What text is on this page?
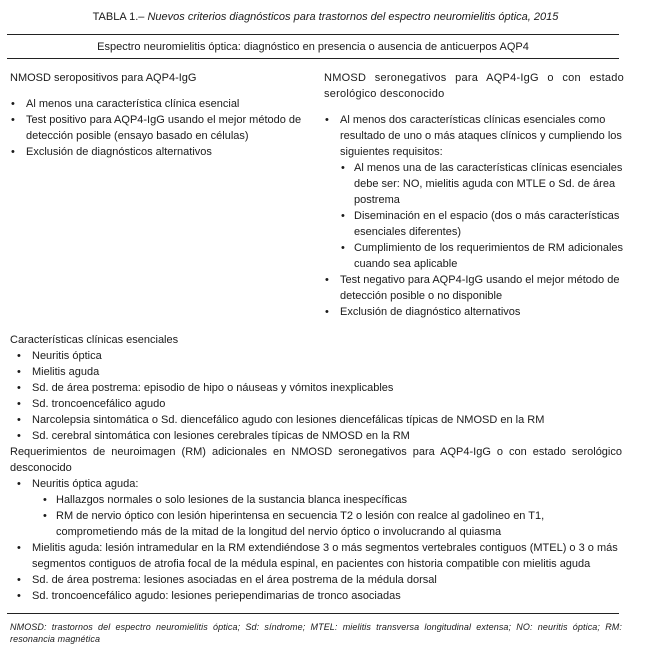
TABLA 1.– Nuevos criterios diagnósticos para trastornos del espectro neuromielitis óptica, 2015
Espectro neuromielitis óptica: diagnóstico en presencia o ausencia de anticuerpos AQP4
NMOSD seropositivos para AQP4-IgG
• Al menos una característica clínica esencial
• Test positivo para AQP4-IgG usando el mejor método de detección posible (ensayo basado en células)
• Exclusión de diagnósticos alternativos
NMOSD seronegativos para AQP4-IgG o con estado serológico desconocido
• Al menos dos características clínicas esenciales como resultado de uno o más ataques clínicos y cumpliendo los siguientes requisitos:
• Al menos una de las características clínicas esenciales debe ser: NO, mielitis aguda con MTLE o Sd. de área postrema
• Diseminación en el espacio (dos o más características esenciales diferentes)
• Cumplimiento de los requerimientos de RM adicionales cuando sea aplicable
• Test negativo para AQP4-IgG usando el mejor método de detección posible o no disponible
• Exclusión de diagnóstico alternativos
Características clínicas esenciales
• Neuritis óptica
• Mielitis aguda
• Sd. de área postrema: episodio de hipo o náuseas y vómitos inexplicables
• Sd. troncoencefálico agudo
• Narcolepsia sintomática o Sd. diencefálico agudo con lesiones diencefálicas típicas de NMOSD en la RM
• Sd. cerebral sintomática con lesiones cerebrales típicas de NMOSD en la RM
Requerimientos de neuroimagen (RM) adicionales en NMOSD seronegativos para AQP4-IgG o con estado serológico desconocido
• Neuritis óptica aguda:
• Hallazgos normales o solo lesiones de la sustancia blanca inespecíficas
• RM de nervio óptico con lesión hiperintensa en secuencia T2 o lesión con realce al gadolineo en T1, comprometiendo más de la mitad de la longitud del nervio óptico o involucrando al quiasma
• Mielitis aguda: lesión intramedular en la RM extendiéndose 3 o más segmentos vertebrales contiguos (MTEL) o 3 o más segmentos contiguos de atrofia focal de la médula espinal, en pacientes con historia compatible con mielitis aguda
• Sd. de área postrema: lesiones asociadas en el área postrema de la médula dorsal
• Sd. troncoencefálico agudo: lesiones periependimarias de tronco asociadas
NMOSD: trastornos del espectro neuromielitis óptica; Sd: síndrome; MTEL: mielitis transversa longitudinal extensa; NO: neuritis óptica; RM: resonancia magnética
